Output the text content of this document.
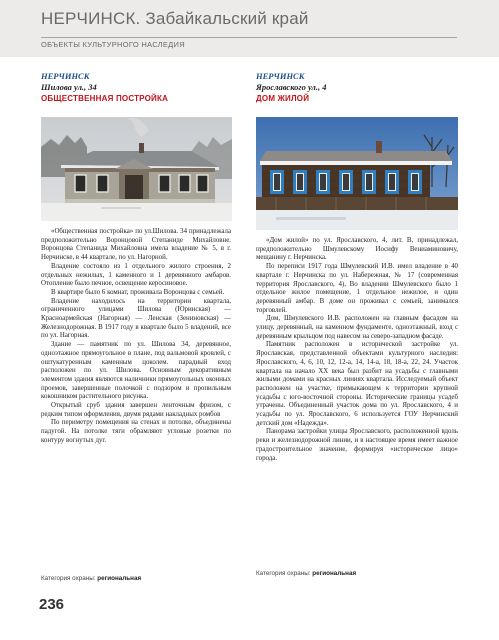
НЕРЧИНСК. Забайкальский край
ОБЪЕКТЫ КУЛЬТУРНОГО НАСЛЕДИЯ
НЕРЧИНСК
Шилова ул., 34
ОБЩЕСТВЕННАЯ ПОСТРОЙКА

«Общественная постройка» по ул.Шилова. 34 принадлежала предположительно Воронцовой Степаниде Михайловне. Воронцова Степанида Михайловна имела владение № 5, в г. Нерчинске, в 44 квартале, по ул. Нагорной.

Владение состояло из 1 отдельного жилого строения, 2 отдельных нежилых, 1 каменного и 1 деревянного амбаров. Отопление было печное, освещение керосиновое.

В квартире было 6 комнат, проживала Воронцова с семьей.

Владение находилось на территории квартала, ограниченного улицами Шилова (Юринская) — Красноармейская (Нагорная) — Ленская (Зениновская) — Железнодорожная. В 1917 году в квартале было 5 владений, все по ул. Нагорная.

Здание — памятник по ул. Шилова 34, деревянное, одноэтажное прямоугольное в плане, под вальмовой кровлей, с оштукатуренным каменным цоколем. парадный вход расположен по ул. Шилова. Основным декоративным элементом здания являются наличники прямоугольных оконных проемов, завершенные полочкой с подзором и пропильным кокошником растительного рисунка.

Открытый сруб здания завершен ленточным фризом, с редким типом оформления, двумя рядами накладных ромбов

По периметру помещения на стенах и потолке, объединены падугой. На потолке тяги обрамляют угловые розетки по контуру вогнутых дуг.

Категория охраны: региональная
НЕРЧИНСК
Ярославского ул., 4
ДОМ ЖИЛОЙ

«Дом жилой» по ул. Ярославского, 4, лит. В, принадлежал, предположительно Шмулевскому Иосифу Вениаминовичу, мещанину г. Нерчинска.

По переписи 1917 года Шмулевский И.В. имел владение в 40 квартале г. Нерчинска по ул. Набережная, № 17 (современная территория Ярославского, 4), Во владении Шмулевского было 1 отдельное жилое помещение, 1 отдельное нежилое, и один деревянный амбар. В доме он проживал с семьей, занимался торговлей.

Дом, Шмулевского И.В. расположен на главным фасадом на улицу, деревянный, на каменном фундаменте, одноэтажный, вход с деревянным крыльцом под навесом на северо-западном фасаде.

Памятник расположен в исторической застройке ул. Ярославская, представленной объектами культурного наследия: Ярославского, 4, 6, 10, 12, 12-а, 14, 14-а, 18, 18-а, 22, 24. Участок квартала на начало XX века был разбит на усадьбы с главными жилыми домами на красных линиях квартала. Исследуемый объект расположен на участке, примыкающем к территории крупной усадьбы с юго-восточной стороны. Исторические границы усадеб утрачены. Объединенный участок дома по ул. Ярославского, 4 и усадьбы по ул. Ярославского, 6 используется ГОУ Нерчинский детский дом «Надежда».

Панорама застройки улицы Ярославского, расположенной вдоль реки и железнодорожной линии, и в настоящее время имеет важное градостроительное значение, формируя «историческое лицо» города.

Категория охраны: региональная
236
